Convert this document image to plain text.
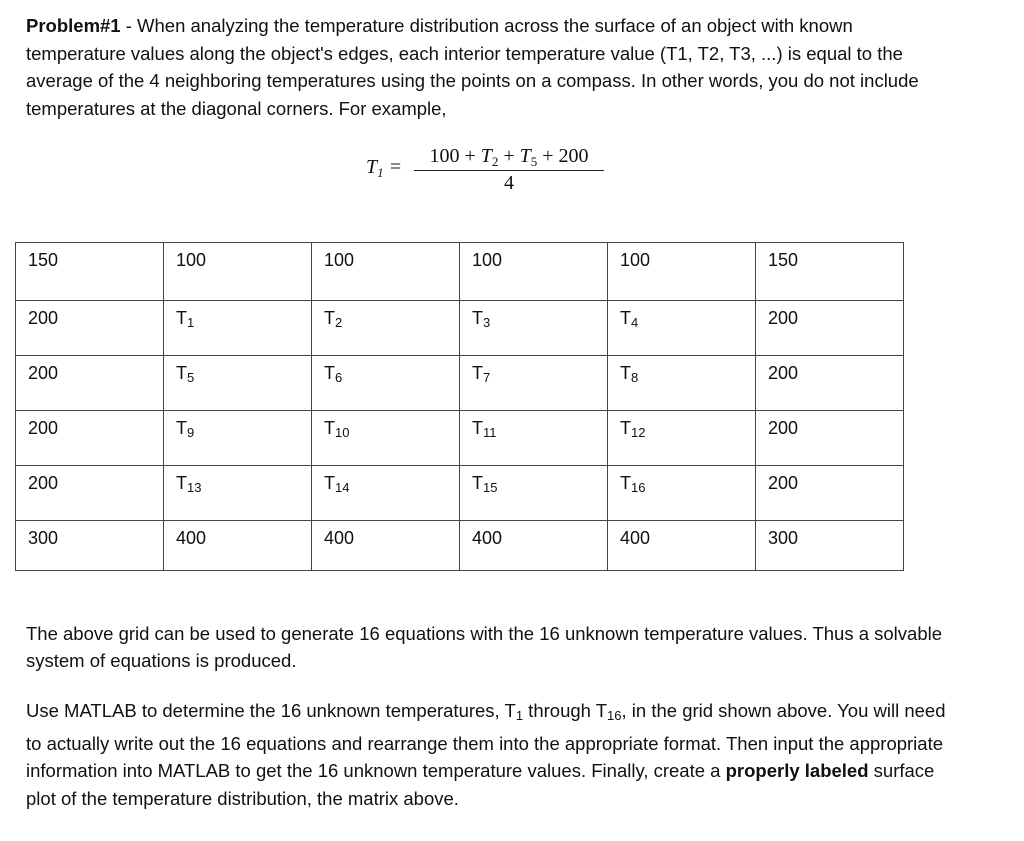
Problem#1 - When analyzing the temperature distribution across the surface of an object with known temperature values along the object's edges, each interior temperature value (T1, T2, T3, ...) is equal to the average of the 4 neighboring temperatures using the points on a compass. In other words, you do not include temperatures at the diagonal corners. For example,

$T_1$ =	$100 + T_2 + T_5 + 200$
4
150	100	100	100	100	150
200	$T_1$	$T_2$	$T_3$	$T_4$	200
200	$T_5$	$T_6$	$T_7$	$T_8$	200
200	$T_9$	$T_{10}$	$T_{11}$	$T_{12}$	200
200	$T_{13}$	$T_{14}$	$T_{15}$	$T_{16}$	200
300	400	400	400	400	300

The above grid can be used to generate 16 equations with the 16 unknown temperature values. Thus a solvable system of equations is produced.

Use MATLAB to determine the 16 unknown temperatures, $T_1$ through $T_{16}$, in the grid shown above. You will need to actually write out the 16 equations and rearrange them into the appropriate format. Then input the appropriate information into MATLAB to get the 16 unknown temperature values. Finally, create a properly labeled surface plot of the temperature distribution, the matrix above.
